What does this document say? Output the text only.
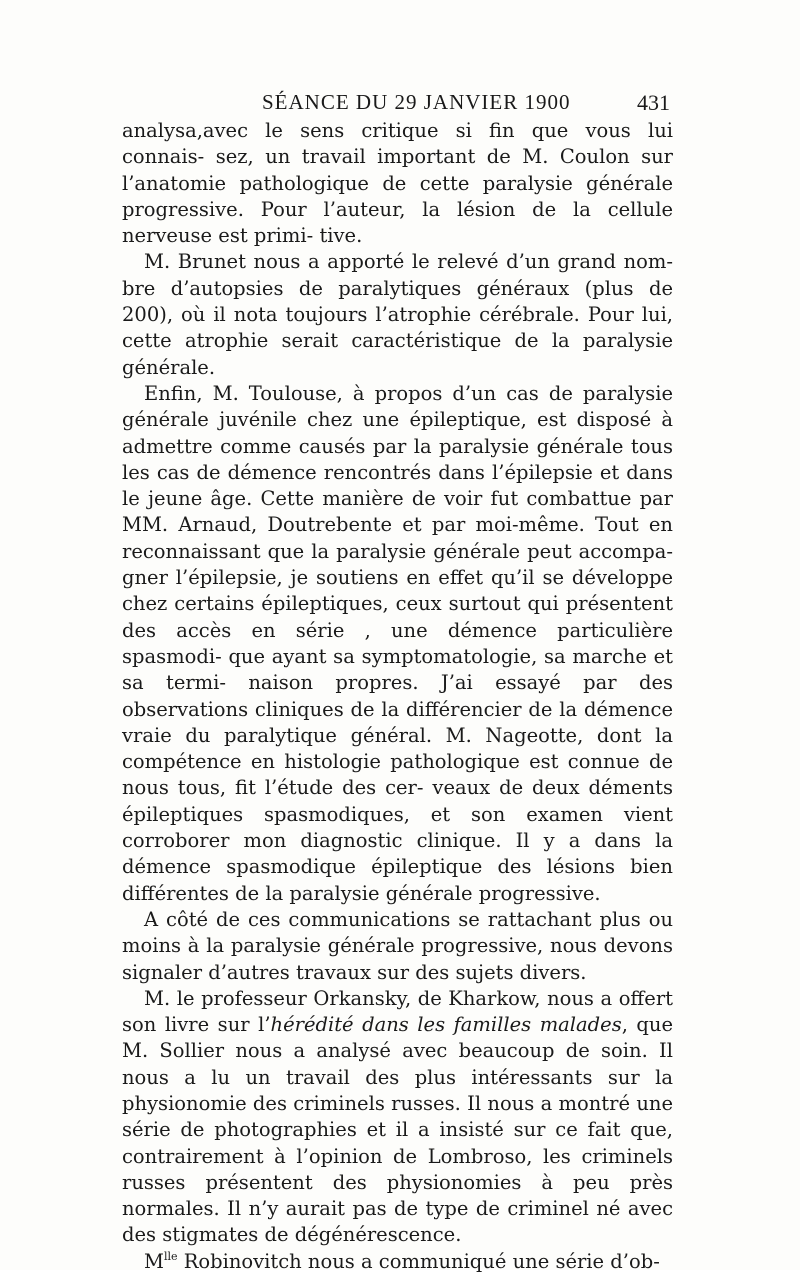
SÉANCE DU 29 JANVIER 1900	431

analysa,avec le sens critique si fin que vous lui connais- sez, un travail important de M. Coulon sur l’anatomie pathologique de cette paralysie générale progressive. Pour l’auteur, la lésion de la cellule nerveuse est primi- tive.

M. Brunet nous a apporté le relevé d’un grand nom- bre d’autopsies de paralytiques généraux (plus de 200), où il nota toujours l’atrophie cérébrale. Pour lui, cette atrophie serait caractéristique de la paralysie générale.

Enfin, M. Toulouse, à propos d’un cas de paralysie générale juvénile chez une épileptique, est disposé à admettre comme causés par la paralysie générale tous les cas de démence rencontrés dans l’épilepsie et dans le jeune âge. Cette manière de voir fut combattue par MM. Arnaud, Doutrebente et par moi-même. Tout en reconnaissant que la paralysie générale peut accompa- gner l’épilepsie, je soutiens en effet qu’il se développe chez certains épileptiques, ceux surtout qui présentent des accès en série , une démence particulière spasmodi- que ayant sa symptomatologie, sa marche et sa termi- naison propres. J’ai essayé par des observations cliniques de la différencier de la démence vraie du paralytique général. M. Nageotte, dont la compétence en histologie pathologique est connue de nous tous, fit l’étude des cer- veaux de deux déments épileptiques spasmodiques, et son examen vient corroborer mon diagnostic clinique. Il y a dans la démence spasmodique épileptique des lésions bien différentes de la paralysie générale progressive.

A côté de ces communications se rattachant plus ou moins à la paralysie générale progressive, nous devons signaler d’autres travaux sur des sujets divers.

M. le professeur Orkansky, de Kharkow, nous a offert son livre sur l’hérédité dans les familles malades, que M. Sollier nous a analysé avec beaucoup de soin. Il nous a lu un travail des plus intéressants sur la physionomie des criminels russes. Il nous a montré une série de photographies et il a insisté sur ce fait que, contrairement à l’opinion de Lombroso, les criminels russes présentent des physionomies à peu près normales. Il n’y aurait pas de type de criminel né avec des stigmates de dégénérescence.

$M^{lle}$ Robinovitch nous a communiqué une série d’ob-
